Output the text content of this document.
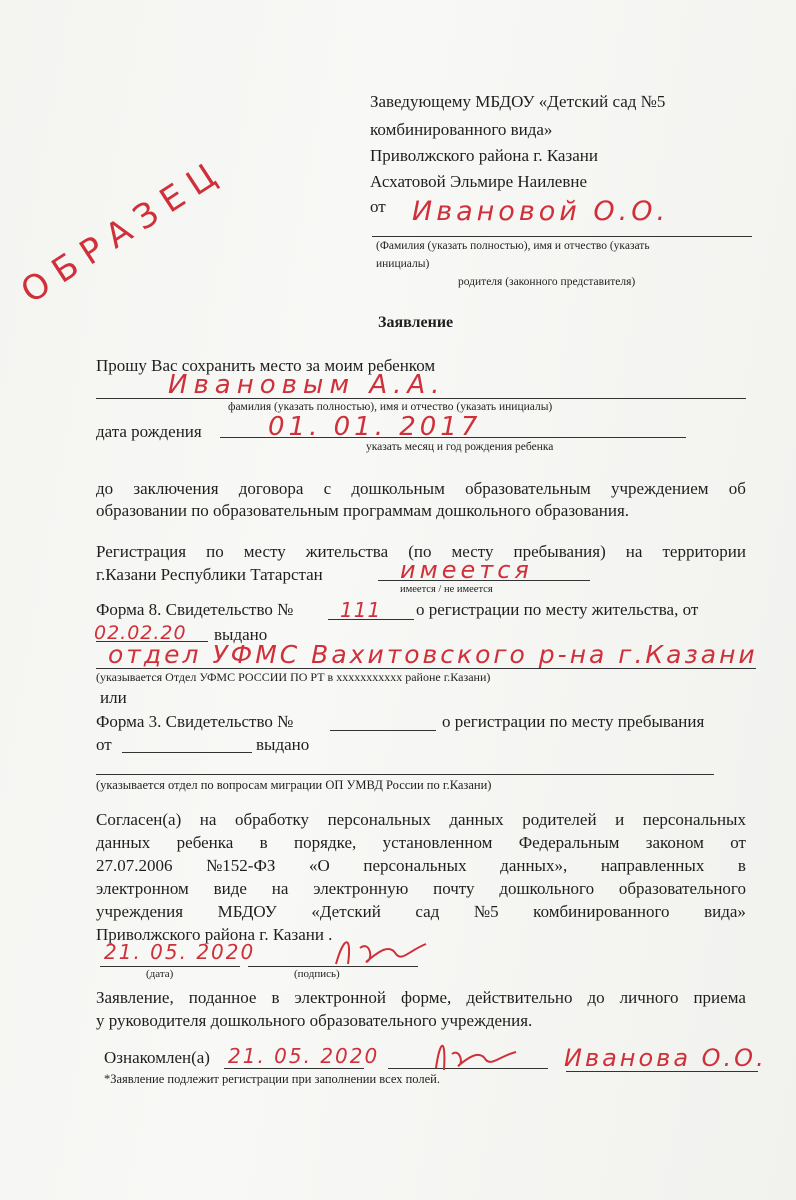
ОБРАЗЕЦ
Заведующему МБДОУ «Детский сад №5
комбинированного вида»
Приволжского района г. Казани
Асхатовой Эльмире Наилевне
от Ивановой О.О.
(Фамилия (указать полностью), имя и отчество (указать
инициалы)
родителя (законного представителя)
Заявление
Прошу Вас сохранить место за моим ребенком
Ивановым А.А.
фамилия (указать полностью), имя и отчество (указать инициалы)
дата рождения	01. 01. 2017
указать месяц и год рождения ребенка
до заключения договора с дошкольным образовательным учреждением об
образовании по образовательным программам дошкольного образования.
Регистрация по месту жительства (по месту пребывания) на территории
г.Казани Республики Татарстан	имеется
имеется / не имеется
Форма 8. Свидетельство № 111 о регистрации по месту жительства, от
02.02.20 выдано
отдел УФМС Вахитовского р-на г.Казани
(указывается Отдел УФМС РОССИИ ПО РТ в xxxxxxxxxxx районе г.Казани)
или
Форма 3. Свидетельство №	о регистрации по месту пребывания
от	выдано
(указывается отдел по вопросам миграции ОП УМВД России по г.Казани)
Согласен(а) на обработку персональных данных родителей и персональных
данных ребенка в порядке, установленном Федеральным законом от
27.07.2006 №152-ФЗ «О персональных данных», направленных в
электронном виде на электронную почту дошкольного образовательного
учреждения МБДОУ «Детский сад №5 комбинированного вида»
Приволжского района г. Казани .
21. 05. 2020
(дата)	(подпись)
Заявление, поданное в электронной форме, действительно до личного приема
у руководителя дошкольного образовательного учреждения.
Ознакомлен(а) 21. 05. 2020	Иванова О.О.
*Заявление подлежит регистрации при заполнении всех полей.
